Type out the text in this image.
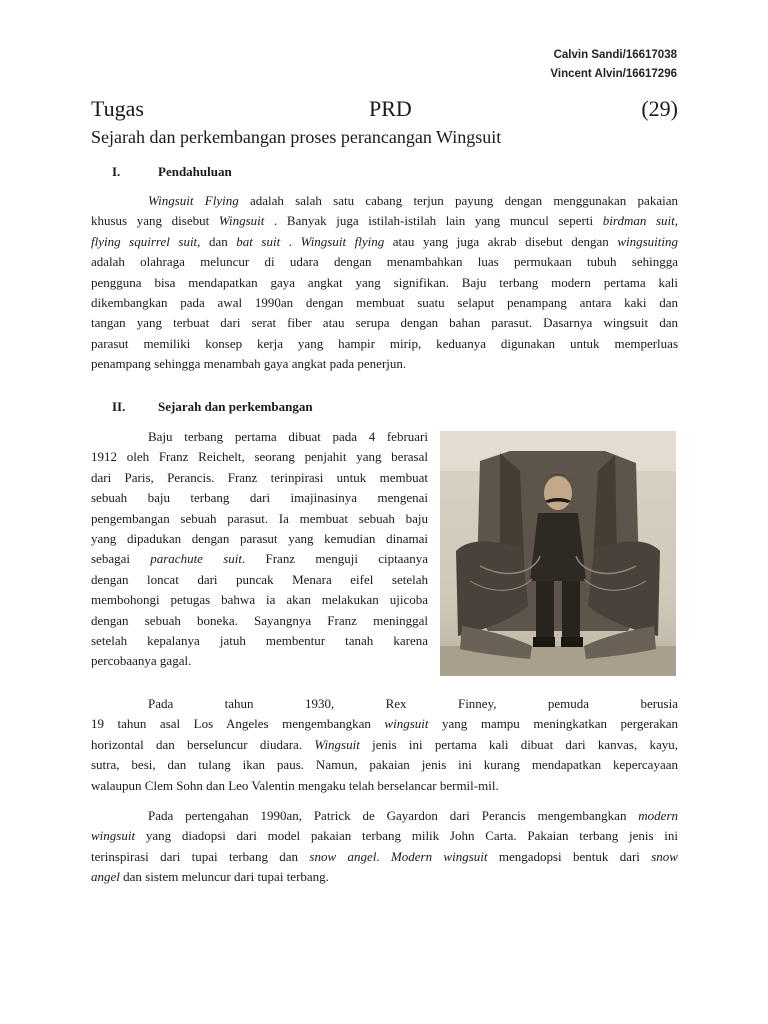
Calvin Sandi/16617038
Vincent Alvin/16617296
Tugas	PRD	(29)
Sejarah dan perkembangan proses perancangan Wingsuit
I.	Pendahuluan
Wingsuit Flying adalah salah satu cabang terjun payung dengan menggunakan pakaian
khusus yang disebut Wingsuit . Banyak juga istilah-istilah lain yang muncul seperti birdman suit,
flying squirrel suit, dan bat suit . Wingsuit flying atau yang juga akrab disebut dengan wingsuiting
adalah olahraga meluncur di udara dengan menambahkan luas permukaan tubuh sehingga
pengguna bisa mendapatkan gaya angkat yang signifikan. Baju terbang modern pertama kali
dikembangkan pada awal 1990an dengan membuat suatu selaput penampang antara kaki dan
tangan yang terbuat dari serat fiber atau serupa dengan bahan parasut. Dasarnya wingsuit dan
parasut memiliki konsep kerja yang hampir mirip, keduanya digunakan untuk memperluas
penampang sehingga menambah gaya angkat pada penerjun.
II.	Sejarah dan perkembangan
Baju terbang pertama dibuat pada 4 februari
1912 oleh Franz Reichelt, seorang penjahit yang berasal
dari Paris, Perancis. Franz terinpirasi untuk membuat
sebuah baju terbang dari imajinasinya mengenai
pengembangan sebuah parasut. Ia membuat sebuah baju
yang dipadukan dengan parasut yang kemudian dinamai
sebagai parachute suit. Franz menguji ciptaanya
dengan loncat dari puncak Menara eifel setelah
membohongi petugas bahwa ia akan melakukan ujicoba
dengan sebuah boneka. Sayangnya Franz meninggal
setelah kepalanya jatuh membentur tanah karena
percobaanya gagal.
Pada tahun 1930, Rex Finney, pemuda berusia
19 tahun asal Los Angeles mengembangkan wingsuit yang mampu meningkatkan pergerakan
horizontal dan berseluncur diudara. Wingsuit jenis ini pertama kali dibuat dari kanvas, kayu,
sutra, besi, dan tulang ikan paus. Namun, pakaian jenis ini kurang mendapatkan kepercayaan
walaupun Clem Sohn dan Leo Valentin mengaku telah berselancar bermil-mil.
Pada pertengahan 1990an, Patrick de Gayardon dari Perancis mengembangkan modern
wingsuit yang diadopsi dari model pakaian terbang milik John Carta. Pakaian terbang jenis ini
terinspirasi dari tupai terbang dan snow angel. Modern wingsuit mengadopsi bentuk dari snow
angel dan sistem meluncur dari tupai terbang.
